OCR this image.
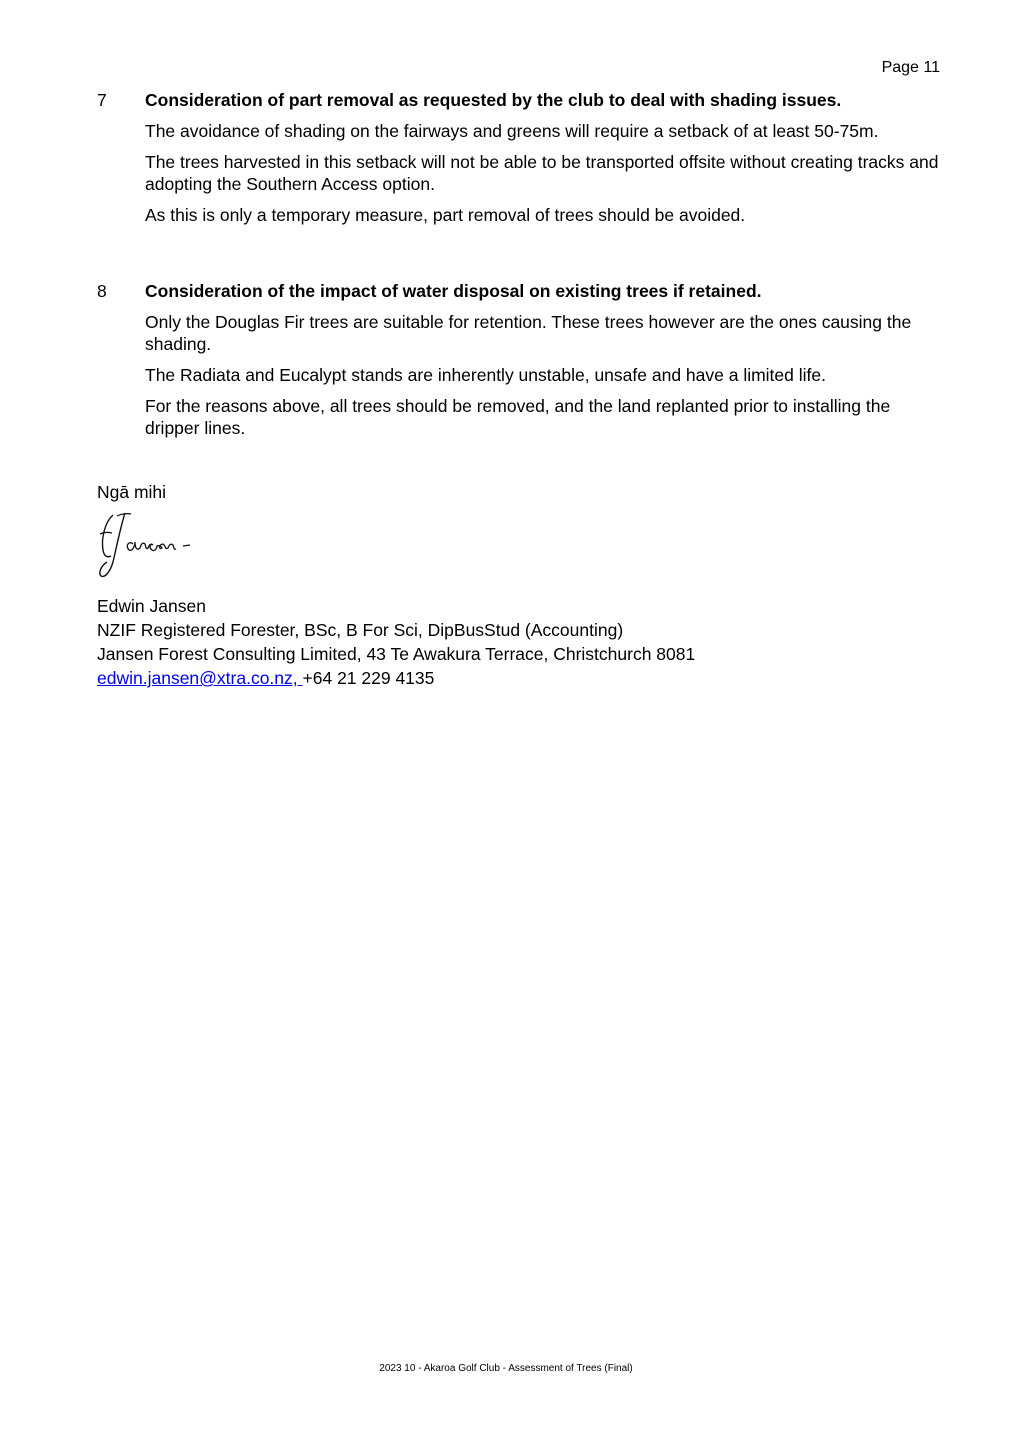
Page 11
7	Consideration of part removal as requested by the club to deal with shading issues.
The avoidance of shading on the fairways and greens will require a setback of at least 50-75m.
The trees harvested in this setback will not be able to be transported offsite without creating tracks and adopting the Southern Access option.
As this is only a temporary measure, part removal of trees should be avoided.
8	Consideration of the impact of water disposal on existing trees if retained.
Only the Douglas Fir trees are suitable for retention. These trees however are the ones causing the shading.
The Radiata and Eucalypt stands are inherently unstable, unsafe and have a limited life.
For the reasons above, all trees should be removed, and the land replanted prior to installing the dripper lines.
Ngā mihi
Edwin Jansen
NZIF Registered Forester, BSc, B For Sci, DipBusStud (Accounting)
Jansen Forest Consulting Limited, 43 Te Awakura Terrace, Christchurch 8081
edwin.jansen@xtra.co.nz, +64 21 229 4135
2023 10 - Akaroa Golf Club - Assessment of Trees (Final)
